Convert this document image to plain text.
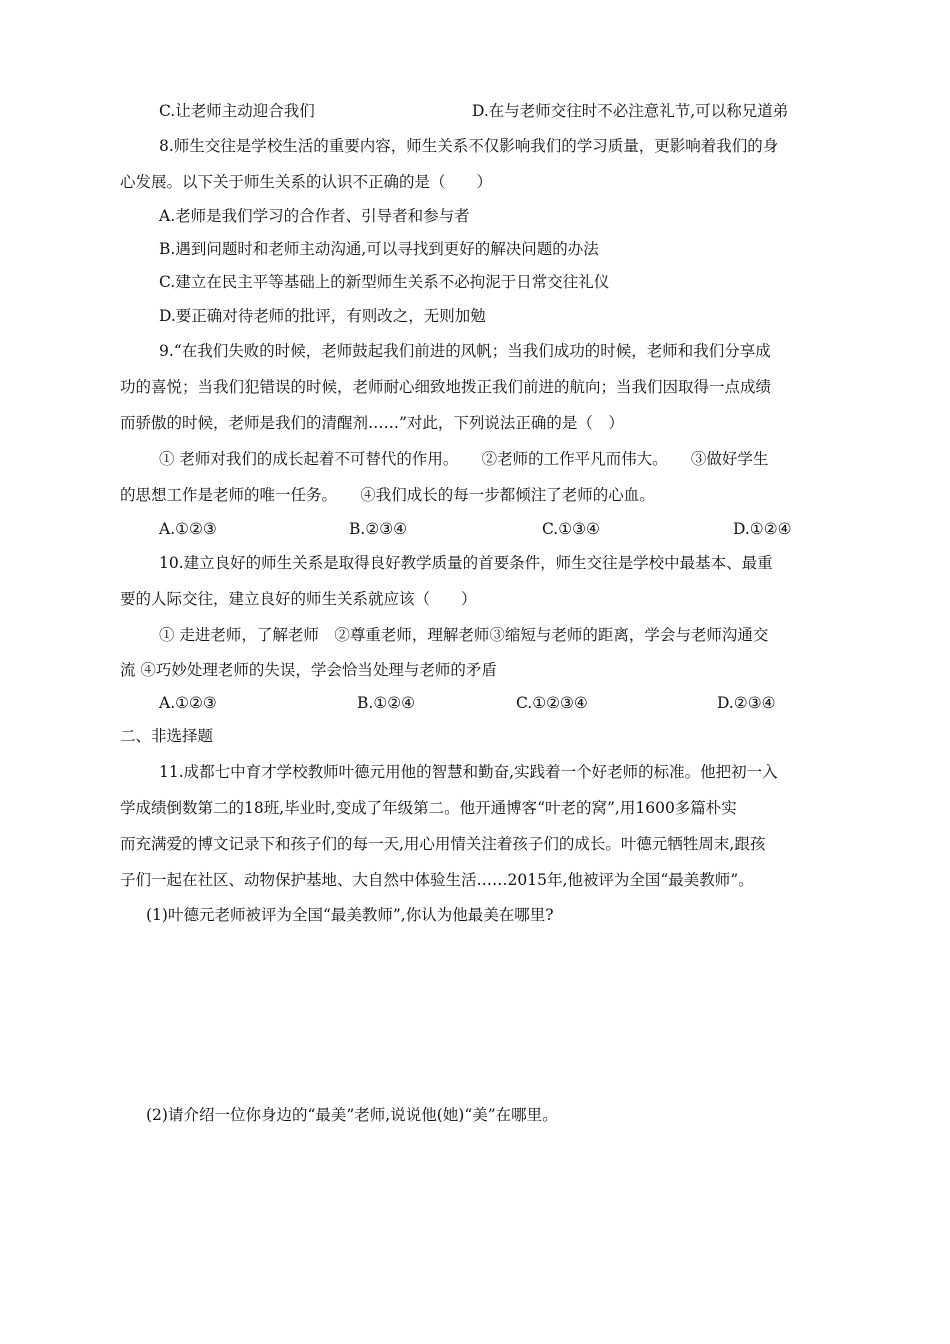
C.让老师主动迎合我们	D.在与老师交往时不必注意礼节,可以称兄道弟
8.师生交往是学校生活的重要内容，师生关系不仅影响我们的学习质量，更影响着我们的身
心发展。以下关于师生关系的认识不正确的是（　　）
A.老师是我们学习的合作者、引导者和参与者
B.遇到问题时和老师主动沟通,可以寻找到更好的解决问题的办法
C.建立在民主平等基础上的新型师生关系不必拘泥于日常交往礼仪
D.要正确对待老师的批评，有则改之，无则加勉
9.“在我们失败的时候，老师鼓起我们前进的风帆；当我们成功的时候，老师和我们分享成
功的喜悦；当我们犯错误的时候，老师耐心细致地拨正我们前进的航向；当我们因取得一点成绩
而骄傲的时候，老师是我们的清醒剂……”对此，下列说法正确的是（　）
① 老师对我们的成长起着不可替代的作用。　　②老师的工作平凡而伟大。　　③做好学生
的思想工作是老师的唯一任务。　　④我们成长的每一步都倾注了老师的心血。
A.①②③	B.②③④	C.①③④	D.①②④
10.建立良好的师生关系是取得良好教学质量的首要条件，师生交往是学校中最基本、最重
要的人际交往，建立良好的师生关系就应该（　　）
① 走进老师，了解老师　②尊重老师，理解老师③缩短与老师的距离，学会与老师沟通交
流 ④巧妙处理老师的失误，学会恰当处理与老师的矛盾
A.①②③	B.①②④	C.①②③④	D.②③④
二、非选择题
11.成都七中育才学校教师叶德元用他的智慧和勤奋,实践着一个好老师的标准。他把初一入
学成绩倒数第二的18班,毕业时,变成了年级第二。他开通博客“叶老的窝”,用1600多篇朴实
而充满爱的博文记录下和孩子们的每一天,用心用情关注着孩子们的成长。叶德元牺牲周末,跟孩
子们一起在社区、动物保护基地、大自然中体验生活……2015年,他被评为全国“最美教师”。
(1)叶德元老师被评为全国“最美教师”,你认为他最美在哪里?
(2)请介绍一位你身边的“最美”老师,说说他(她)“美”在哪里。
